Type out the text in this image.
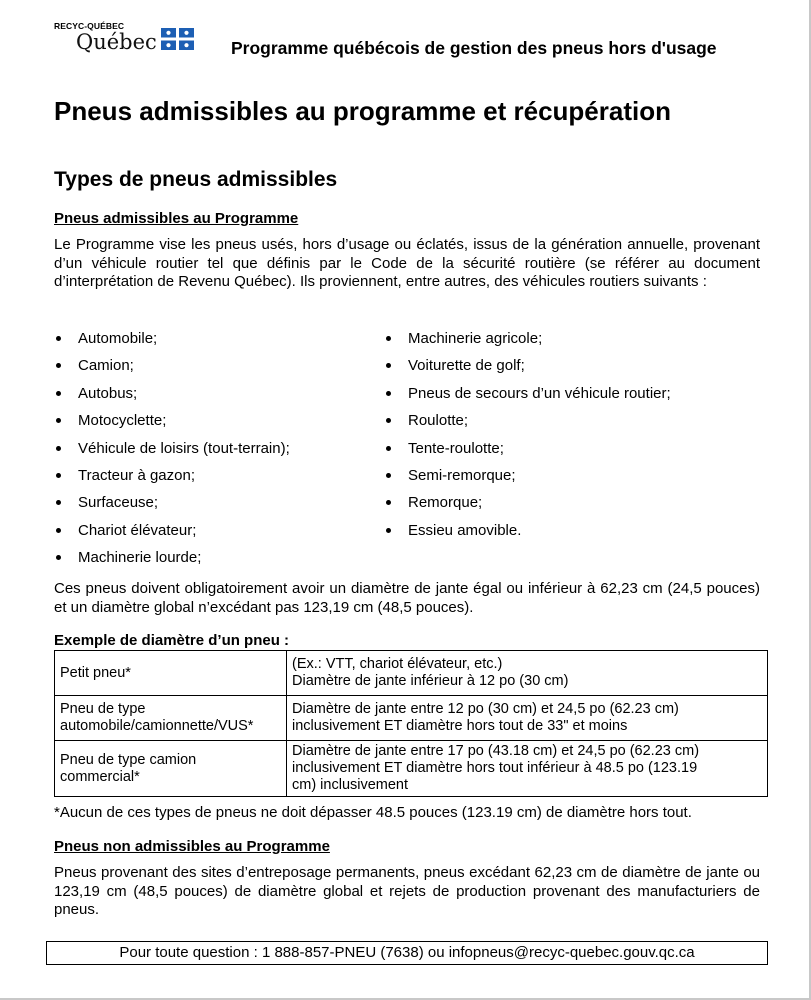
RECYC-QUÉBEC
Québec	Programme québécois de gestion des pneus hors d'usage
Pneus admissibles au programme et récupération
Types de pneus admissibles
Pneus admissibles au Programme
Le Programme vise les pneus usés, hors d’usage ou éclatés, issus de la génération annuelle, provenant d’un véhicule routier tel que définis par le Code de la sécurité routière (se référer au document d’interprétation de Revenu Québec). Ils proviennent, entre autres, des véhicules routiers suivants :
Automobile;
Camion;
Autobus;
Motocyclette;
Véhicule de loisirs (tout-terrain);
Tracteur à gazon;
Surfaceuse;
Chariot élévateur;
Machinerie lourde;
Machinerie agricole;
Voiturette de golf;
Pneus de secours d’un véhicule routier;
Roulotte;
Tente-roulotte;
Semi-remorque;
Remorque;
Essieu amovible.
Ces pneus doivent obligatoirement avoir un diamètre de jante égal ou inférieur à 62,23 cm (24,5 pouces) et un diamètre global n’excédant pas 123,19 cm (48,5 pouces).
Exemple de diamètre d’un pneu :
Petit pneu*	(Ex.: VTT, chariot élévateur, etc.)
Diamètre de jante inférieur à 12 po (30 cm)

Pneu de type
automobile/camionnette/VUS*	Diamètre de jante entre 12 po (30 cm) et 24,5 po (62.23 cm)
inclusivement ET diamètre hors tout de 33" et moins

Pneu de type camion
commercial*	Diamètre de jante entre 17 po (43.18 cm) et 24,5 po (62.23 cm)
inclusivement ET diamètre hors tout inférieur à 48.5 po (123.19
cm) inclusivement
*Aucun de ces types de pneus ne doit dépasser 48.5 pouces (123.19 cm) de diamètre hors tout.
Pneus non admissibles au Programme
Pneus provenant des sites d’entreposage permanents, pneus excédant 62,23 cm de diamètre de jante ou 123,19 cm (48,5 pouces) de diamètre global et rejets de production provenant des manufacturiers de pneus.
Pour toute question : 1 888-857-PNEU (7638) ou infopneus@recyc-quebec.gouv.qc.ca
